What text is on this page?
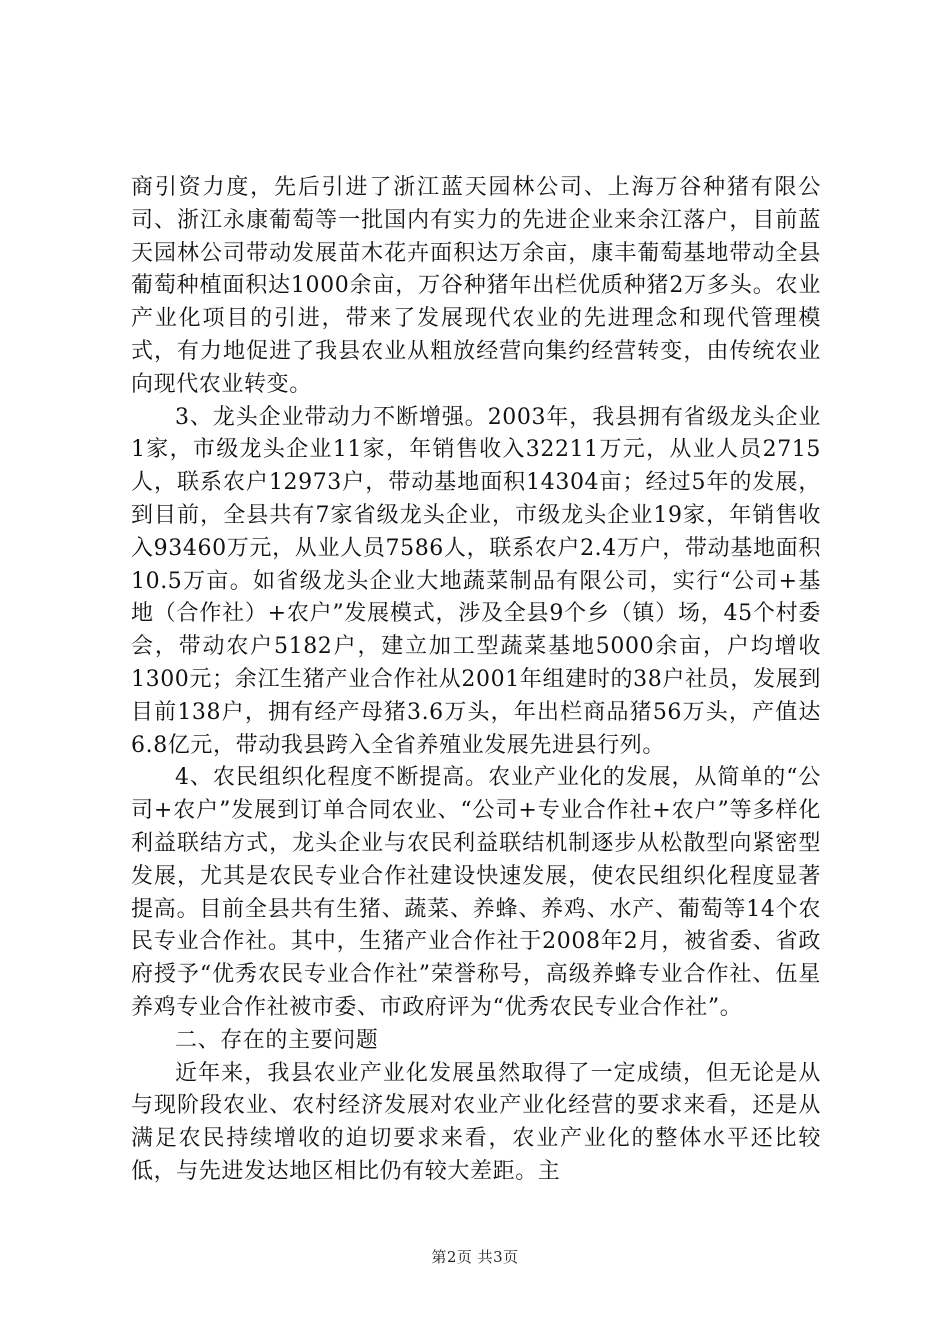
商引资力度，先后引进了浙江蓝天园林公司、上海万谷种猪有限公司、浙江永康葡萄等一批国内有实力的先进企业来余江落户，目前蓝天园林公司带动发展苗木花卉面积达万余亩，康丰葡萄基地带动全县葡萄种植面积达1000余亩，万谷种猪年出栏优质种猪2万多头。农业产业化项目的引进，带来了发展现代农业的先进理念和现代管理模式，有力地促进了我县农业从粗放经营向集约经营转变，由传统农业向现代农业转变。

3、龙头企业带动力不断增强。2003年，我县拥有省级龙头企业1家，市级龙头企业11家，年销售收入32211万元，从业人员2715人，联系农户12973户，带动基地面积14304亩；经过5年的发展，到目前，全县共有7家省级龙头企业，市级龙头企业19家，年销售收入93460万元，从业人员7586人，联系农户2.4万户，带动基地面积10.5万亩。如省级龙头企业大地蔬菜制品有限公司，实行“公司+基地（合作社）+农户”发展模式，涉及全县9个乡（镇）场，45个村委会，带动农户5182户，建立加工型蔬菜基地5000余亩，户均增收1300元；余江生猪产业合作社从2001年组建时的38户社员，发展到目前138户，拥有经产母猪3.6万头，年出栏商品猪56万头，产值达6.8亿元，带动我县跨入全省养殖业发展先进县行列。

4、农民组织化程度不断提高。农业产业化的发展，从简单的“公司+农户”发展到订单合同农业、“公司+专业合作社+农户”等多样化利益联结方式，龙头企业与农民利益联结机制逐步从松散型向紧密型发展，尤其是农民专业合作社建设快速发展，使农民组织化程度显著提高。目前全县共有生猪、蔬菜、养蜂、养鸡、水产、葡萄等14个农民专业合作社。其中，生猪产业合作社于2008年2月，被省委、省政府授予“优秀农民专业合作社”荣誉称号，高级养蜂专业合作社、伍星养鸡专业合作社被市委、市政府评为“优秀农民专业合作社”。

二、存在的主要问题

近年来，我县农业产业化发展虽然取得了一定成绩，但无论是从与现阶段农业、农村经济发展对农业产业化经营的要求来看，还是从满足农民持续增收的迫切要求来看，农业产业化的整体水平还比较低，与先进发达地区相比仍有较大差距。主

第2页 共3页
